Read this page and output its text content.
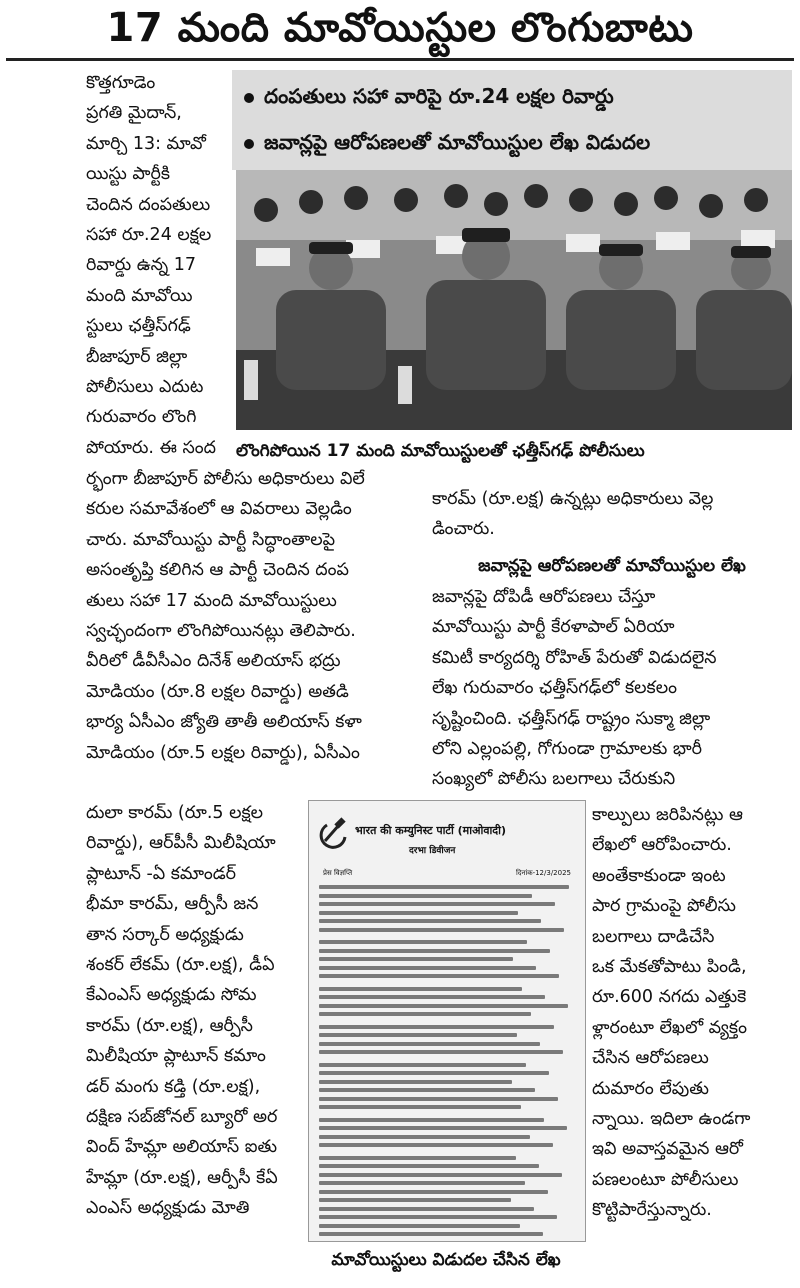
17 మంది మావోయిస్టుల లొంగుబాటు
కొత్తగూడెం
ప్రగతి మైదాన్,
మార్చి 13: మావో
యిస్టు పార్టీకి
చెందిన దంపతులు
సహా రూ.24 లక్షల
రివార్డు ఉన్న 17
మంది మావోయి
స్టులు ఛత్తీస్‌గఢ్
బీజాపూర్ జిల్లా
పోలీసులు ఎదుట
గురువారం లొంగి
పోయారు. ఈ సంద
దంపతులు సహా వారిపై రూ.24 లక్షల రివార్డు
జవాన్లపై ఆరోపణలతో మావోయిస్టుల లేఖ విడుదల
లొంగిపోయిన 17 మంది మావోయిస్టులతో ఛత్తీస్‌గఢ్ పోలీసులు
ర్భంగా బీజాపూర్ పోలీసు అధికారులు విలే
కరుల సమావేశంలో ఆ వివరాలు వెల్లడిం
చారు. మావోయిస్టు పార్టీ సిద్ధాంతాలపై
అసంతృప్తి కలిగిన ఆ పార్టీ చెందిన దంప
తులు సహా 17 మంది మావోయిస్టులు
స్వచ్ఛందంగా లొంగిపోయినట్లు తెలిపారు.
వీరిలో డీవీసీఎం దినేశ్ అలియాస్ భద్రు
మోడియం (రూ.8 లక్షల రివార్డు) అతడి
భార్య ఏసీఎం జ్యోతి తాతీ అలియాస్ కళా
మోడియం (రూ.5 లక్షల రివార్డు), ఏసీఎం
కారమ్ (రూ.లక్ష) ఉన్నట్లు అధికారులు వెల్ల
డించారు.
జవాన్లపై ఆరోపణలతో మావోయిస్టుల లేఖ
జవాన్లపై దోపిడీ ఆరోపణలు చేస్తూ
మావోయిస్టు పార్టీ కేరళాపాల్ ఏరియా
కమిటీ కార్యదర్శి రోహిత్ పేరుతో విడుదలైన
లేఖ గురువారం ఛత్తీస్‌గఢ్‌లో కలకలం
సృష్టించింది. ఛత్తీస్‌గఢ్ రాష్ట్రం సుక్మా జిల్లా
లోని ఎల్లంపల్లి, గోగుండా గ్రామాలకు భారీ
సంఖ్యలో పోలీసు బలగాలు చేరుకుని
దులా కారమ్ (రూ.5 లక్షల
రివార్డు), ఆర్‌పీసీ మిలీషియా
ప్లాటూన్ -ఏ కమాండర్
భీమా కారమ్, ఆర్పీసీ జన
తాన సర్కార్ అధ్యక్షుడు
శంకర్ లేకమ్ (రూ.లక్ష), డీఏ
కేఎంఎస్ అధ్యక్షుడు సోమ
కారమ్ (రూ.లక్ష), ఆర్పీసీ
మిలీషియా ప్లాటూన్ కమాం
డర్ మంగు కడ్తి (రూ.లక్ష),
దక్షిణ సబ్‌జోనల్ బ్యూరో అర
వింద్ హేమ్లా అలియాస్ ఐతు
హేమ్లా (రూ.లక్ష), ఆర్పీసీ కేఏ
ఎంఎస్ అధ్యక్షుడు మోతి
కాల్పులు జరిపినట్లు ఆ
లేఖలో ఆరోపించారు.
అంతేకాకుండా ఇంట
పార గ్రామంపై పోలీసు
బలగాలు దాడిచేసి
ఒక మేకతోపాటు పిండి,
రూ.600 నగదు ఎత్తుకె
ళ్లారంటూ లేఖలో వ్యక్తం
చేసిన ఆరోపణలు
దుమారం లేపుతు
న్నాయి. ఇదిలా ఉండగా
ఇవి అవాస్తవమైన ఆరో
పణలంటూ పోలీసులు
కొట్టిపారేస్తున్నారు.
भारत की कम्युनिस्ट पार्टी (माओवादी)
दरभा डिवीजन
प्रेस विज्ञप्ति	दिनांक-12/3/2025
మావోయిస్టులు విడుదల చేసిన లేఖ
